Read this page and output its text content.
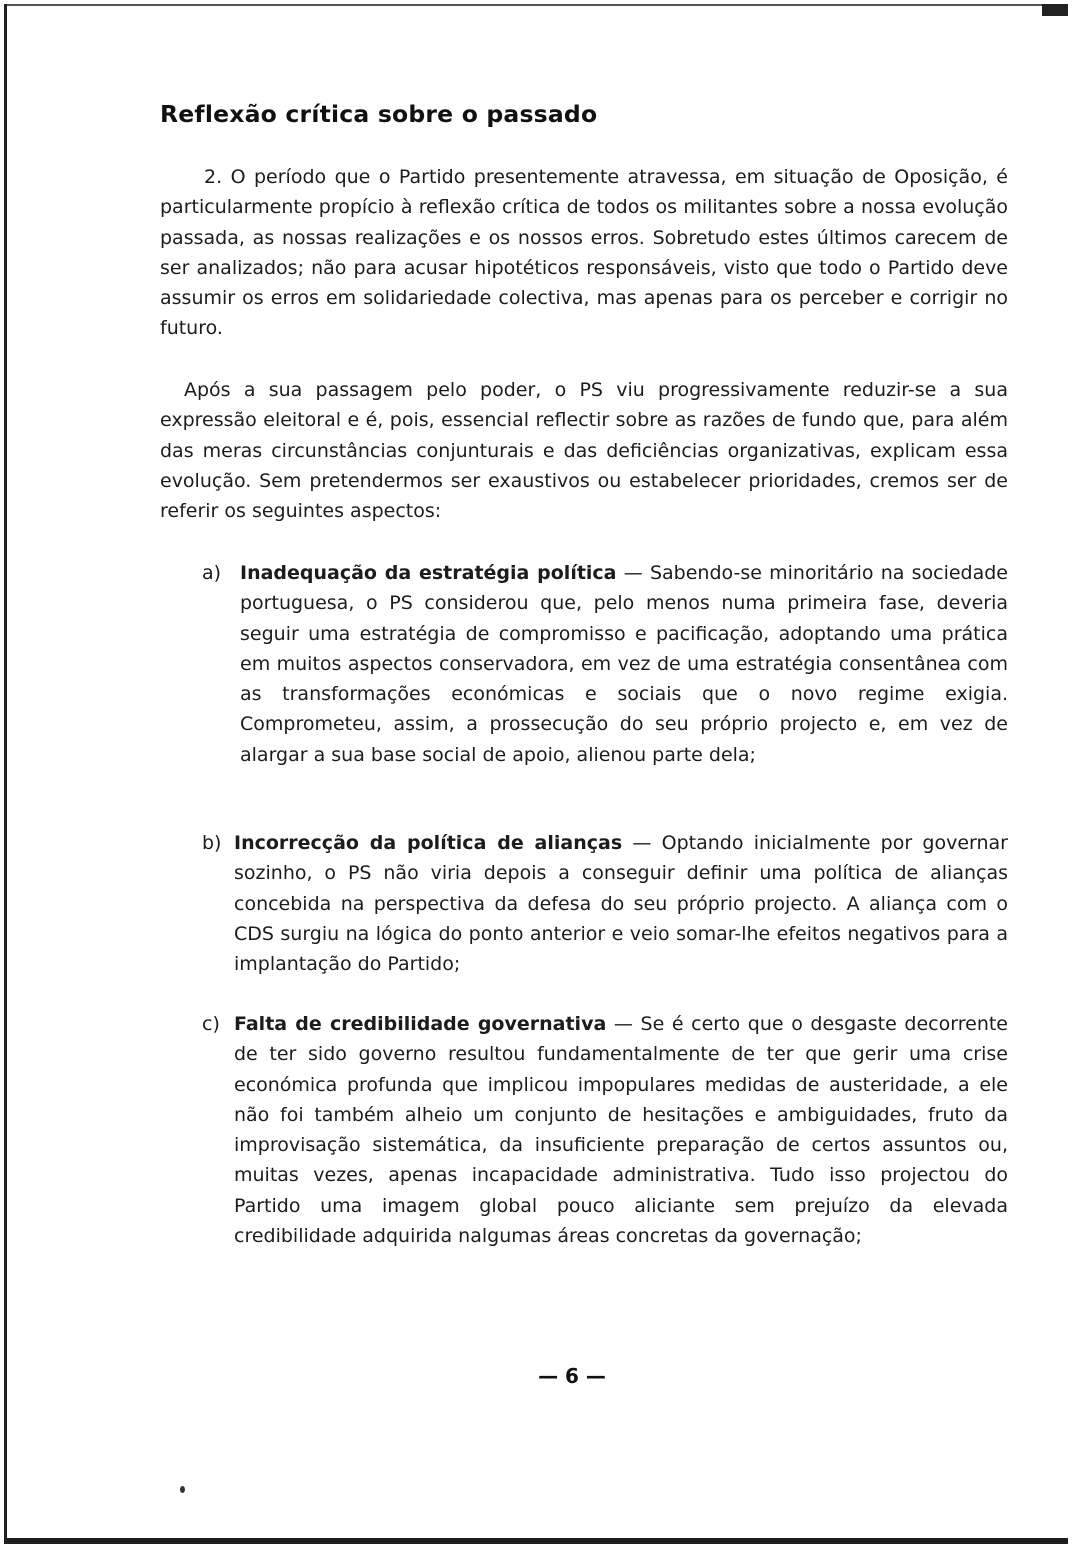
Reflexão crítica sobre o passado

2. O período que o Partido presentemente atravessa, em situação de Oposição, é particularmente propício à reflexão crítica de todos os militantes sobre a nossa evolução passada, as nossas realizações e os nossos erros. Sobretudo estes últimos carecem de ser analizados; não para acusar hipotéticos responsáveis, visto que todo o Partido deve assumir os erros em solidariedade colectiva, mas apenas para os perceber e corrigir no futuro.

Após a sua passagem pelo poder, o PS viu progressivamente reduzir-se a sua expressão eleitoral e é, pois, essencial reflectir sobre as razões de fundo que, para além das meras circunstâncias conjunturais e das deficiências organizativas, explicam essa evolução. Sem pretendermos ser exaustivos ou estabelecer prioridades, cremos ser de referir os seguintes aspectos:

a) Inadequação da estratégia política — Sabendo-se minoritário na sociedade portuguesa, o PS considerou que, pelo menos numa primeira fase, deveria seguir uma estratégia de compromisso e pacificação, adoptando uma prática em muitos aspectos conservadora, em vez de uma estratégia consentânea com as transformações económicas e sociais que o novo regime exigia. Comprometeu, assim, a prossecução do seu próprio projecto e, em vez de alargar a sua base social de apoio, alienou parte dela;
b) Incorrecção da política de alianças — Optando inicialmente por governar sozinho, o PS não viria depois a conseguir definir uma política de alianças concebida na perspectiva da defesa do seu próprio projecto. A aliança com o CDS surgiu na lógica do ponto anterior e veio somar-lhe efeitos negativos para a implantação do Partido;
c) Falta de credibilidade governativa — Se é certo que o desgaste decorrente de ter sido governo resultou fundamentalmente de ter que gerir uma crise económica profunda que implicou impopulares medidas de austeridade, a ele não foi também alheio um conjunto de hesitações e ambiguidades, fruto da improvisação sistemática, da insuficiente preparação de certos assuntos ou, muitas vezes, apenas incapacidade administrativa. Tudo isso projectou do Partido uma imagem global pouco aliciante sem prejuízo da elevada credibilidade adquirida nalgumas áreas concretas da governação;
— 6 —
